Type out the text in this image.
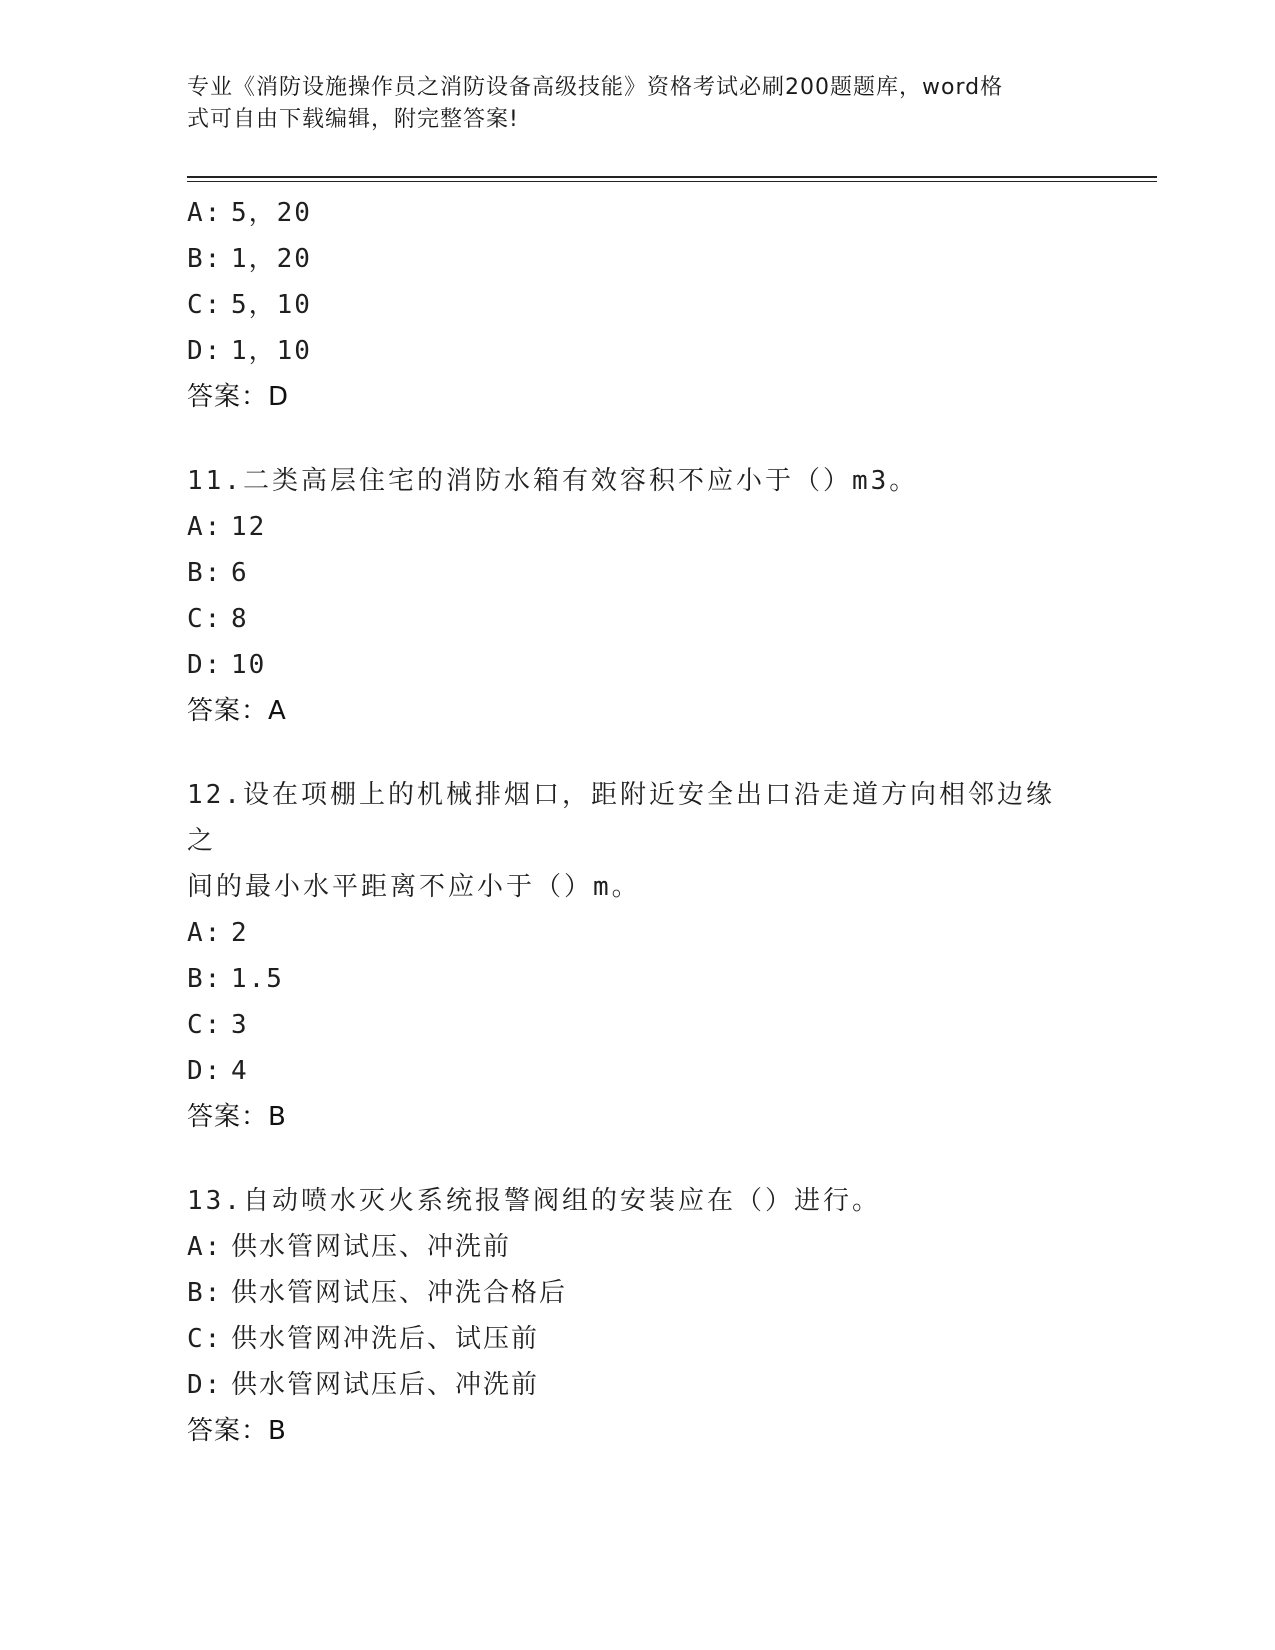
专业《消防设施操作员之消防设备高级技能》资格考试必刷200题题库，word格
式可自由下载编辑，附完整答案!
A: 5，20
B: 1，20
C: 5，10
D: 1，10
答案：D
11.二类高层住宅的消防水箱有效容积不应小于（）m3。
A: 12
B: 6
C: 8
D: 10
答案：A
12.设在项棚上的机械排烟口，距附近安全出口沿走道方向相邻边缘之
间的最小水平距离不应小于（）m。
A: 2
B: 1.5
C: 3
D: 4
答案：B
13.自动喷水灭火系统报警阀组的安装应在（）进行。
A: 供水管网试压、冲洗前
B: 供水管网试压、冲洗合格后
C: 供水管网冲洗后、试压前
D: 供水管网试压后、冲洗前
答案：B
